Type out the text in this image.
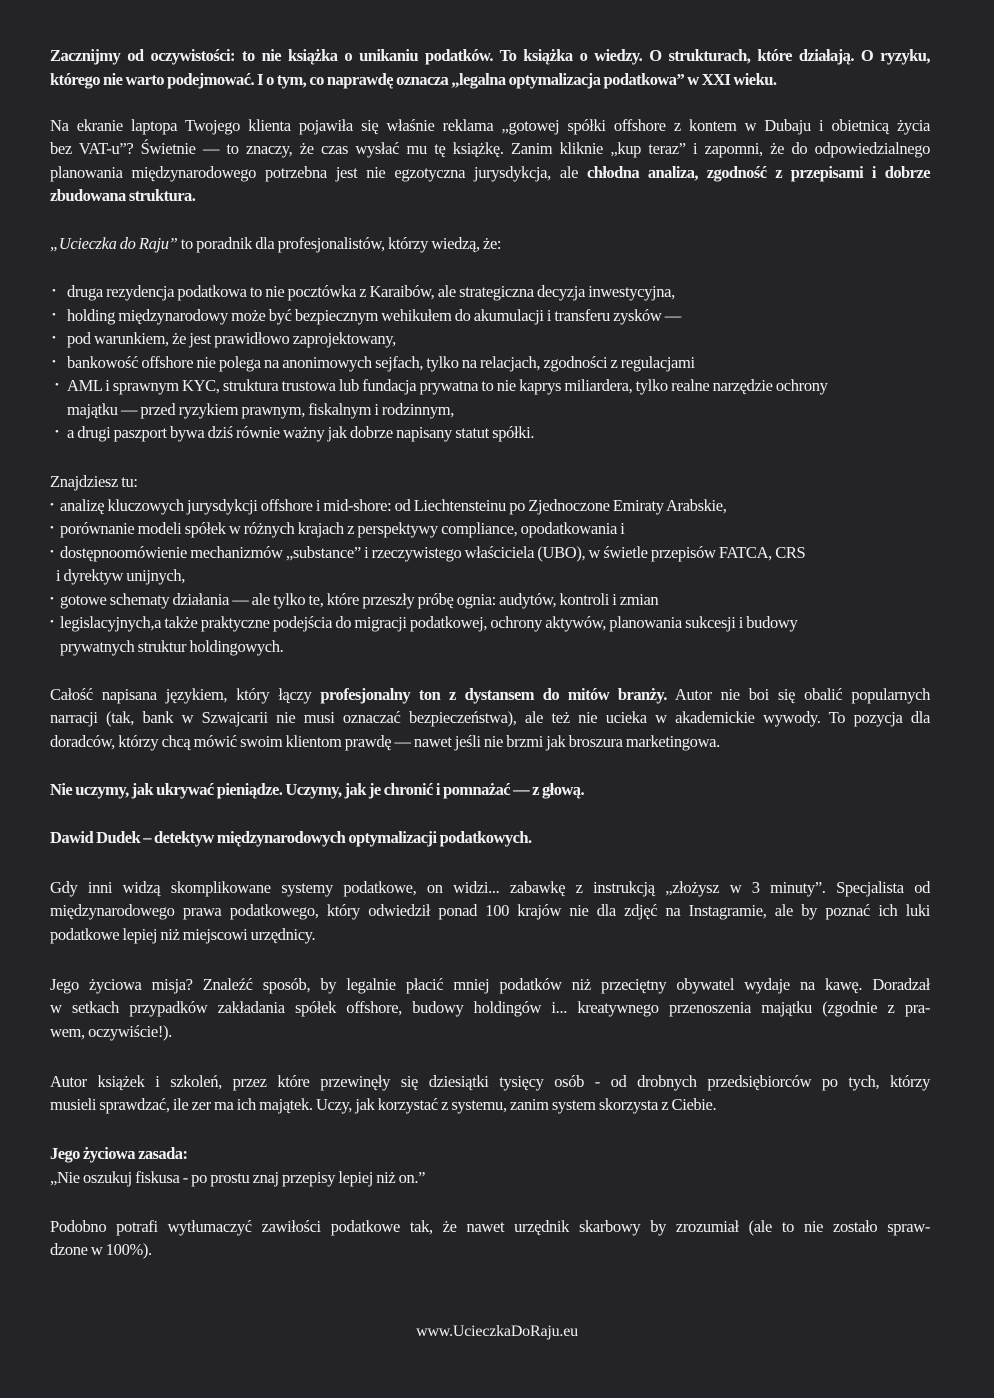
Zacznijmy od oczywistości: to nie książka o unikaniu podatków. To książka o wiedzy. O strukturach, które działają. O ryzyku,
którego nie warto podejmować. I o tym, co naprawdę oznacza „legalna optymalizacja podatkowa” w XXI wieku.
Na ekranie laptopa Twojego klienta pojawiła się właśnie reklama „gotowej spółki offshore z kontem w Dubaju i obietnicą życia
bez VAT-u”? Świetnie — to znaczy, że czas wysłać mu tę książkę. Zanim kliknie „kup teraz” i zapomni, że do odpowiedzialnego
planowania międzynarodowego potrzebna jest nie egzotyczna jurysdykcja, ale chłodna analiza, zgodność z przepisami i dobrze
zbudowana struktura.
„Ucieczka do Raju” to poradnik dla profesjonalistów, którzy wiedzą, że:
• druga rezydencja podatkowa to nie pocztówka z Karaibów, ale strategiczna decyzja inwestycyjna,
• holding międzynarodowy może być bezpiecznym wehikułem do akumulacji i transferu zysków —
• pod warunkiem, że jest prawidłowo zaprojektowany,
• bankowość offshore nie polega na anonimowych sejfach, tylko na relacjach, zgodności z regulacjami
• AML i sprawnym KYC, struktura trustowa lub fundacja prywatna to nie kaprys miliardera, tylko realne narzędzie ochrony
majątku — przed ryzykiem prawnym, fiskalnym i rodzinnym,
• a drugi paszport bywa dziś równie ważny jak dobrze napisany statut spółki.
Znajdziesz tu:
• analizę kluczowych jurysdykcji offshore i mid-shore: od Liechtensteinu po Zjednoczone Emiraty Arabskie,
• porównanie modeli spółek w różnych krajach z perspektywy compliance, opodatkowania i
• dostępnoomówienie mechanizmów „substance” i rzeczywistego właściciela (UBO), w świetle przepisów FATCA, CRS
i dyrektyw unijnych,
• gotowe schematy działania — ale tylko te, które przeszły próbę ognia: audytów, kontroli i zmian
• legislacyjnych,a także praktyczne podejścia do migracji podatkowej, ochrony aktywów, planowania sukcesji i budowy
prywatnych struktur holdingowych.
Całość napisana językiem, który łączy profesjonalny ton z dystansem do mitów branży. Autor nie boi się obalić popularnych
narracji (tak, bank w Szwajcarii nie musi oznaczać bezpieczeństwa), ale też nie ucieka w akademickie wywody. To pozycja dla
doradców, którzy chcą mówić swoim klientom prawdę — nawet jeśli nie brzmi jak broszura marketingowa.
Nie uczymy, jak ukrywać pieniądze. Uczymy, jak je chronić i pomnażać — z głową.
Dawid Dudek – detektyw międzynarodowych optymalizacji podatkowych.
Gdy inni widzą skomplikowane systemy podatkowe, on widzi... zabawkę z instrukcją „złożysz w 3 minuty”. Specjalista od
międzynarodowego prawa podatkowego, który odwiedził ponad 100 krajów nie dla zdjęć na Instagramie, ale by poznać ich luki
podatkowe lepiej niż miejscowi urzędnicy.
Jego życiowa misja? Znaleźć sposób, by legalnie płacić mniej podatków niż przeciętny obywatel wydaje na kawę. Doradzał
w setkach przypadków zakładania spółek offshore, budowy holdingów i... kreatywnego przenoszenia majątku (zgodnie z pra-
wem, oczywiście!).
Autor książek i szkoleń, przez które przewinęły się dziesiątki tysięcy osób - od drobnych przedsiębiorców po tych, którzy
musieli sprawdzać, ile zer ma ich majątek. Uczy, jak korzystać z systemu, zanim system skorzysta z Ciebie.
Jego życiowa zasada:
„Nie oszukuj fiskusa - po prostu znaj przepisy lepiej niż on.”
Podobno potrafi wytłumaczyć zawiłości podatkowe tak, że nawet urzędnik skarbowy by zrozumiał (ale to nie zostało spraw-
dzone w 100%).
www.UcieczkaDoRaju.eu
